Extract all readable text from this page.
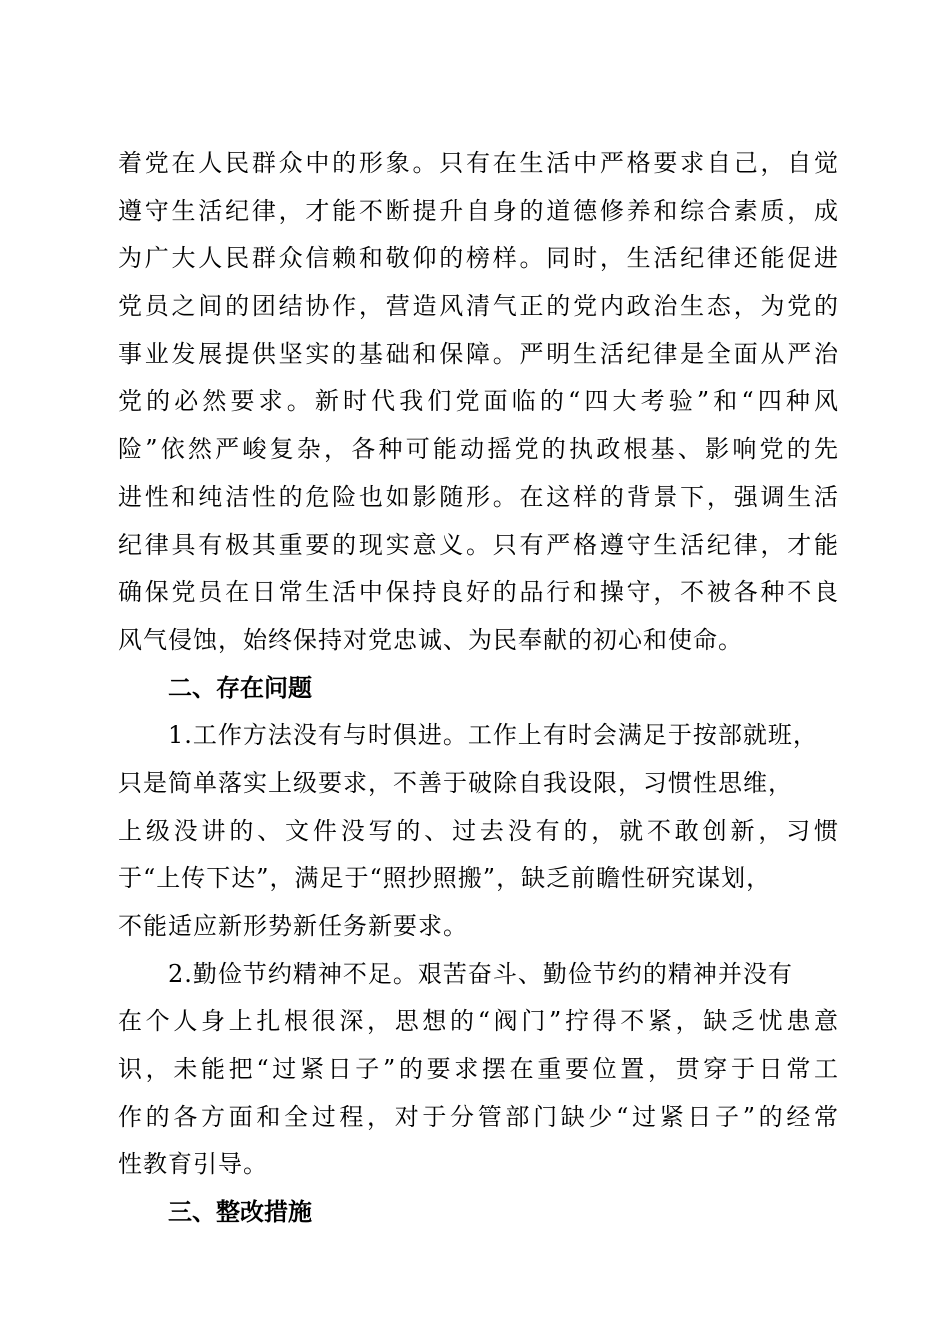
着党在人民群众中的形象。只有在生活中严格要求自己，自觉
遵守生活纪律，才能不断提升自身的道德修养和综合素质，成
为广大人民群众信赖和敬仰的榜样。同时，生活纪律还能促进
党员之间的团结协作，营造风清气正的党内政治生态，为党的
事业发展提供坚实的基础和保障。严明生活纪律是全面从严治
党的必然要求。新时代我们党面临的“四大考验”和“四种风
险”依然严峻复杂，各种可能动摇党的执政根基、影响党的先
进性和纯洁性的危险也如影随形。在这样的背景下，强调生活
纪律具有极其重要的现实意义。只有严格遵守生活纪律，才能
确保党员在日常生活中保持良好的品行和操守，不被各种不良
风气侵蚀，始终保持对党忠诚、为民奉献的初心和使命。
二、存在问题
1.工作方法没有与时俱进。工作上有时会满足于按部就班，
只是简单落实上级要求，不善于破除自我设限，习惯性思维，
上级没讲的、文件没写的、过去没有的，就不敢创新，习惯
于“上传下达”，满足于“照抄照搬”，缺乏前瞻性研究谋划，
不能适应新形势新任务新要求。
2.勤俭节约精神不足。艰苦奋斗、勤俭节约的精神并没有
在个人身上扎根很深，思想的“阀门”拧得不紧，缺乏忧患意
识，未能把“过紧日子”的要求摆在重要位置，贯穿于日常工
作的各方面和全过程，对于分管部门缺少“过紧日子”的经常
性教育引导。
三、整改措施
